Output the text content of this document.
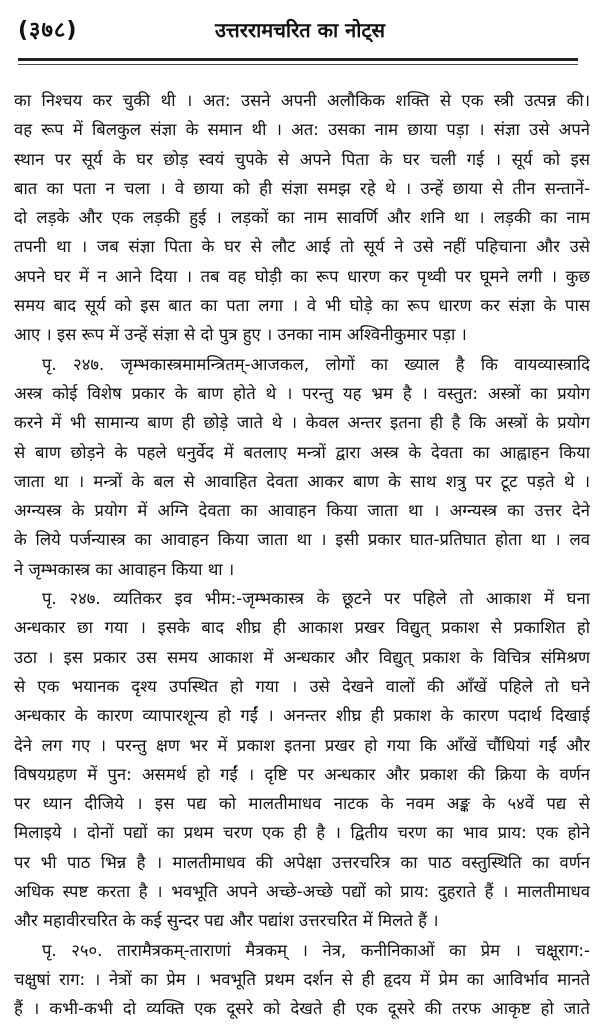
(३७८)	उत्तररामचरित का नोट्स
का निश्चय कर चुकी थी । अत: उसने अपनी अलौकिक शक्ति से एक स्त्री उत्पन्न की।
वह रूप में बिलकुल संज्ञा के समान थी । अत: उसका नाम छाया पड़ा । संज्ञा उसे अपने
स्थान पर सूर्य के घर छोड़ स्वयं चुपके से अपने पिता के घर चली गई । सूर्य को इस
बात का पता न चला । वे छाया को ही संज्ञा समझ रहे थे । उन्हें छाया से तीन सन्तानें-
दो लड़के और एक लड़की हुई । लड़कों का नाम सावर्णि और शनि था । लड़की का नाम
तपनी था । जब संज्ञा पिता के घर से लौट आई तो सूर्य ने उसे नहीं पहिचाना और उसे
अपने घर में न आने दिया । तब वह घोड़ी का रूप धारण कर पृथ्वी पर घूमने लगी । कुछ
समय बाद सूर्य को इस बात का पता लगा । वे भी घोड़े का रूप धारण कर संज्ञा के पास
आए । इस रूप में उन्हें संज्ञा से दो पुत्र हुए । उनका नाम अश्विनीकुमार पड़ा ।
पृ. २४७. जृम्भकास्त्रमामन्त्रितम्-आजकल, लोगों का ख्याल है कि वायव्यास्त्रादि
अस्त्र कोई विशेष प्रकार के बाण होते थे । परन्तु यह भ्रम है । वस्तुत: अस्त्रों का प्रयोग
करने में भी सामान्य बाण ही छोड़े जाते थे । केवल अन्तर इतना ही है कि अस्त्रों के प्रयोग
से बाण छोड़ने के पहले धनुर्वेद में बतलाए मन्त्रों द्वारा अस्त्र के देवता का आह्वाहन किया
जाता था । मन्त्रों के बल से आवाहित देवता आकर बाण के साथ शत्रु पर टूट पड़ते थे ।
अग्न्यस्त्र के प्रयोग में अग्नि देवता का आवाहन किया जाता था । अग्न्यस्त्र का उत्तर देने
के लिये पर्जन्यास्त्र का आवाहन किया जाता था । इसी प्रकार घात-प्रतिघात होता था । लव
ने जृम्भकास्त्र का आवाहन किया था ।
पृ. २४७. व्यतिकर इव भीम:-जृम्भकास्त्र के छूटने पर पहिले तो आकाश में घना
अन्धकार छा गया । इसके बाद शीघ्र ही आकाश प्रखर विद्युत् प्रकाश से प्रकाशित हो
उठा । इस प्रकार उस समय आकाश में अन्धकार और विद्युत् प्रकाश के विचित्र संमिश्रण
से एक भयानक दृश्य उपस्थित हो गया । उसे देखने वालों की आँखें पहिले तो घने
अन्धकार के कारण व्यापारशून्य हो गईं । अनन्तर शीघ्र ही प्रकाश के कारण पदार्थ दिखाई
देने लग गए । परन्तु क्षण भर में प्रकाश इतना प्रखर हो गया कि आँखें चौंधियां गईं और
विषयग्रहण में पुन: असमर्थ हो गईं । दृष्टि पर अन्धकार और प्रकाश की क्रिया के वर्णन
पर ध्यान दीजिये । इस पद्य को मालतीमाधव नाटक के नवम अङ्क के ५४वें पद्य से
मिलाइये । दोनों पद्यों का प्रथम चरण एक ही है । द्वितीय चरण का भाव प्राय: एक होने
पर भी पाठ भिन्न है । मालतीमाधव की अपेक्षा उत्तरचरित्र का पाठ वस्तुस्थिति का वर्णन
अधिक स्पष्ट करता है । भवभूति अपने अच्छे-अच्छे पद्यों को प्राय: दुहराते हैं । मालतीमाधव
और महावीरचरित के कई सुन्दर पद्य और पद्यांश उत्तरचरित में मिलते हैं ।
पृ. २५०. तारामैत्रकम्-ताराणां मैत्रकम् । नेत्र, कनीनिकाओं का प्रेम । चक्षूराग:-
चक्षुषां राग: । नेत्रों का प्रेम । भवभूति प्रथम दर्शन से ही हृदय में प्रेम का आविर्भाव मानते
हैं । कभी-कभी दो व्यक्ति एक दूसरे को देखते ही एक दूसरे की तरफ आकृष्ट हो जाते
